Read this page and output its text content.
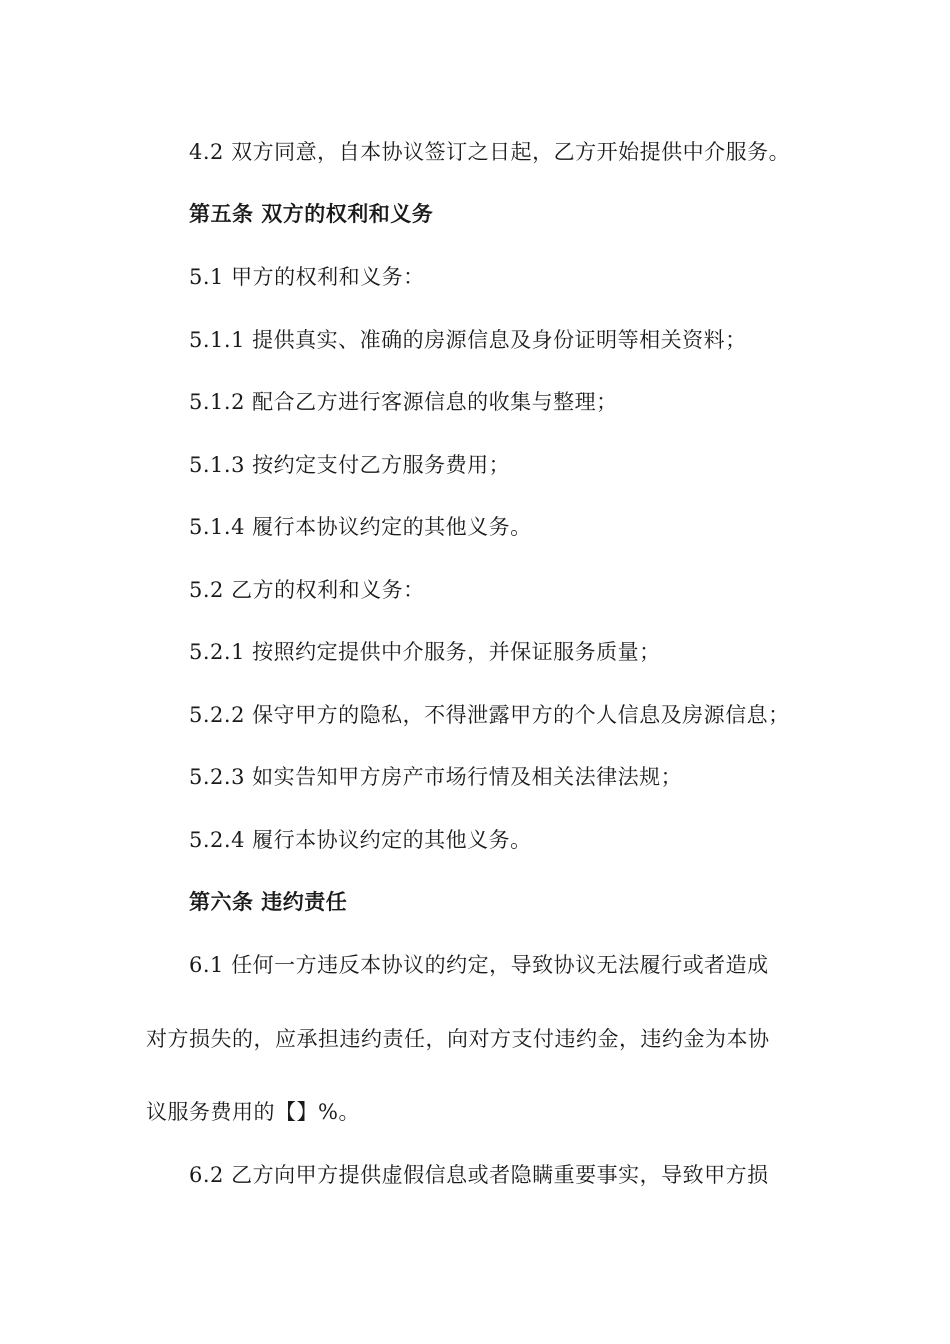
4.2 双方同意，自本协议签订之日起，乙方开始提供中介服务。

第五条 双方的权利和义务

5.1 甲方的权利和义务：

5.1.1 提供真实、准确的房源信息及身份证明等相关资料；

5.1.2 配合乙方进行客源信息的收集与整理；

5.1.3 按约定支付乙方服务费用；

5.1.4 履行本协议约定的其他义务。

5.2 乙方的权利和义务：

5.2.1 按照约定提供中介服务，并保证服务质量；

5.2.2 保守甲方的隐私，不得泄露甲方的个人信息及房源信息；

5.2.3 如实告知甲方房产市场行情及相关法律法规；

5.2.4 履行本协议约定的其他义务。

第六条 违约责任

6.1 任何一方违反本协议的约定，导致协议无法履行或者造成

对方损失的，应承担违约责任，向对方支付违约金，违约金为本协

议服务费用的【】%。

6.2 乙方向甲方提供虚假信息或者隐瞒重要事实，导致甲方损
